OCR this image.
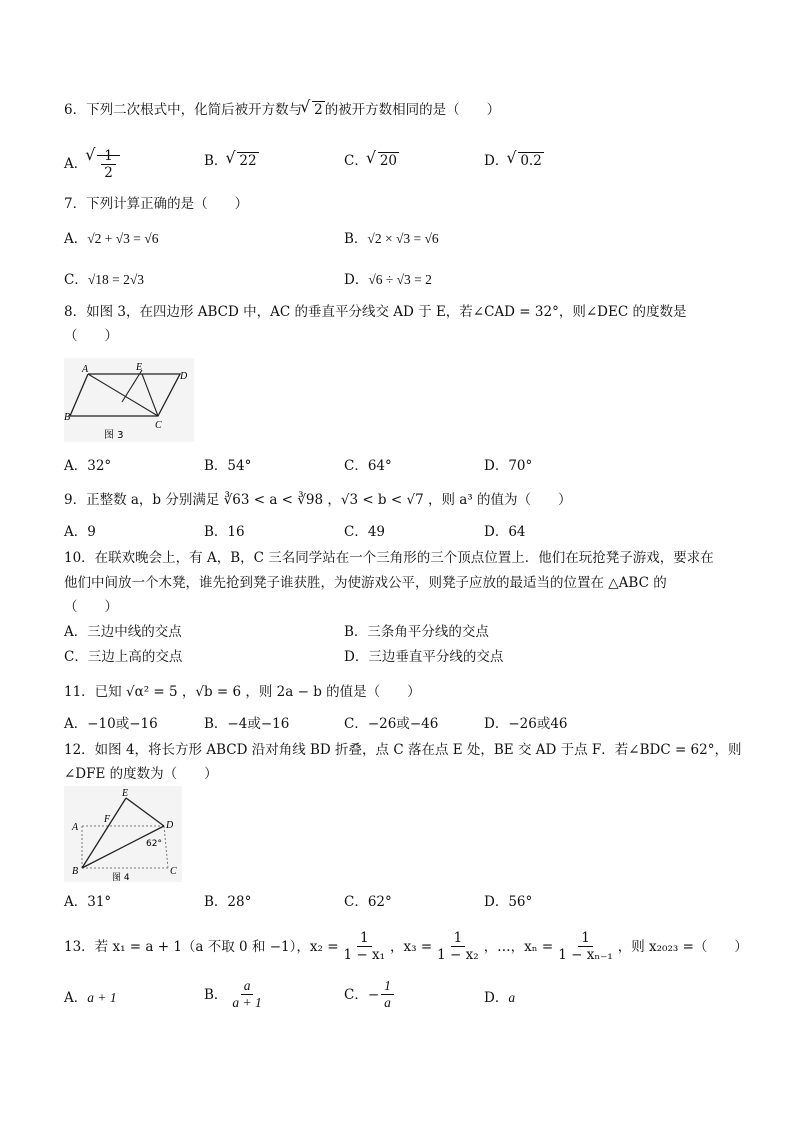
6．下列二次根式中，化简后被开方数与 √ 2 的被开方数相同的是（　　）
A． √ $\frac{1}{2}$	B． √ 22	C． √ 20	D． √ 0.2
7．下列计算正确的是（　　）
A．√2 + √3 = √6	B．√2 × √3 = √6
C．√18 = 2√3	D．√6 ÷ √3 = 2
8．如图 3，在四边形 ABCD 中，AC 的垂直平分线交 AD 于 E，若∠CAD = 32°，则∠DEC 的度数是
（　　）
A	E
D
B
C
图 3
A．32°	B．54°	C．64°	D．70°
9．正整数 a，b 分别满足 ∛63 < a < ∛98 ，√3 < b < √7 ，则 a³ 的值为（　　）
A．9	B．16	C．49	D．64
10．在联欢晚会上，有 A，B，C 三名同学站在一个三角形的三个顶点位置上．他们在玩抢凳子游戏，要求在
他们中间放一个木凳，谁先抢到凳子谁获胜，为使游戏公平，则凳子应放的最适当的位置在 △ABC 的
（　　）
A．三边中线的交点	B．三条角平分线的交点
C．三边上高的交点	D．三边垂直平分线的交点
11．已知 √α² = 5 ，√b = 6 ，则 2a − b 的值是（　　）
A．−10或−16	B．−4或−16	C．−26或−46	D．−26或46
12．如图 4，将长方形 ABCD 沿对角线 BD 折叠，点 C 落在点 E 处，BE 交 AD 于点 F．若∠BDC = 62°，则
∠DFE 的度数为（　　）
A
F
E
D
B	C
62°
图 4
A．31°	B．28°	C．62°	D．56°
13．若 x₁ = a + 1（a 不取 0 和 −1），$x_2 = \frac{1}{\text{1 − x₁}}$ ，$x_3 = \frac{1}{\text{1 − x₂}}$ ，…，$x_n = \frac{1}{\text{1 − xₙ₋₁}}$ ，则 x₂₀₂₃ =（　　）
A．a + 1	B． $\frac{a}{a + 1}$	C． − $\frac{1}{a}$	D．a
